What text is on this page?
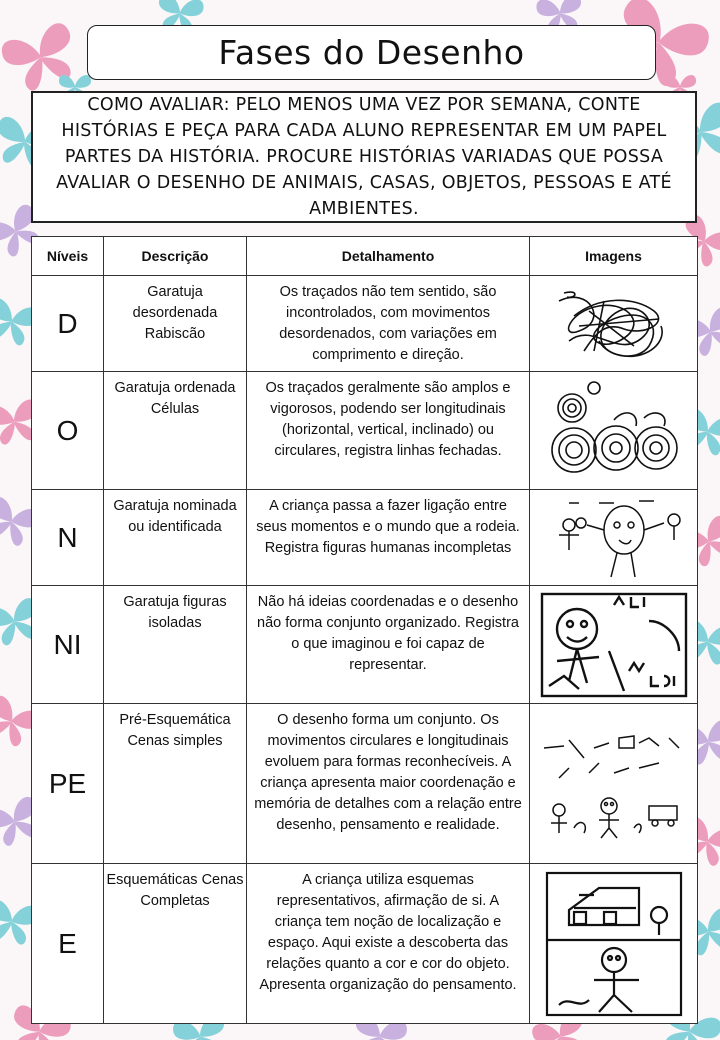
Fases do Desenho

COMO AVALIAR: PELO MENOS UMA VEZ POR SEMANA, CONTE HISTÓRIAS E PEÇA PARA CADA ALUNO REPRESENTAR EM UM PAPEL PARTES DA HISTÓRIA. PROCURE HISTÓRIAS VARIADAS QUE POSSA AVALIAR O DESENHO DE ANIMAIS, CASAS, OBJETOS, PESSOAS E ATÉ AMBIENTES.

Níveis	Descrição	Detalhamento	Imagens
D	Garatuja desordenada Rabiscão	Os traçados não tem sentido, são incontrolados, com movimentos desordenados, com variações em comprimento e direção.	

O	Garatuja ordenada Células	Os traçados geralmente são amplos e vigorosos, podendo ser longitudinais (horizontal, vertical, inclinado) ou circulares, registra linhas fechadas.	

N	Garatuja nominada ou identificada	A criança passa a fazer ligação entre seus momentos e o mundo que a rodeia. Registra figuras humanas incompletas	

NI	Garatuja figuras isoladas	Não há ideias coordenadas e o desenho não forma conjunto organizado. Registra o que imaginou e foi capaz de representar.	

PE	Pré-Esquemática Cenas simples	O desenho forma um conjunto. Os movimentos circulares e longitudinais evoluem para formas reconhecíveis. A criança apresenta maior coordenação e memória de detalhes com a relação entre desenho, pensamento e realidade.	

E	Esquemáticas Cenas Completas	A criança utiliza esquemas representativos, afirmação de si. A criança tem noção de localização e espaço. Aqui existe a descoberta das relações quanto a cor e cor do objeto. Apresenta organização do pensamento.	
